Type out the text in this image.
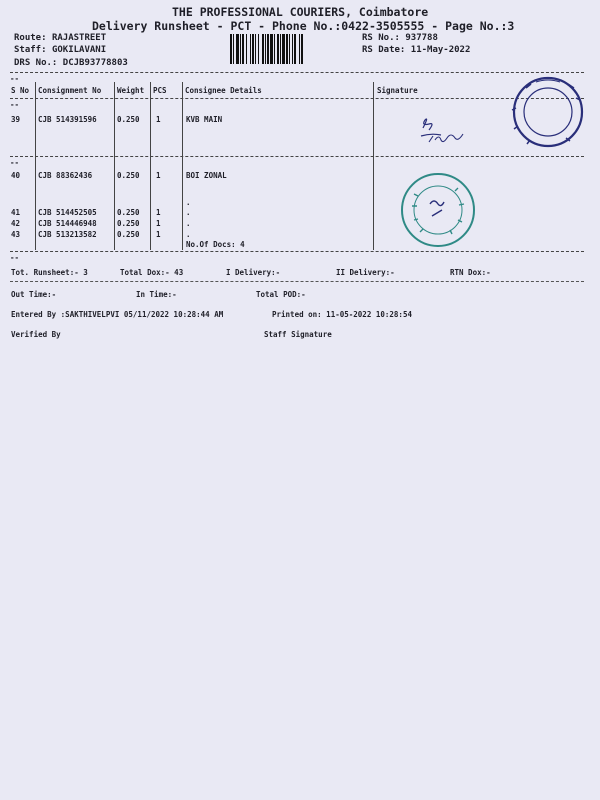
THE PROFESSIONAL COURIERS, Coimbatore
Delivery Runsheet - PCT - Phone No.:0422-3505555 - Page No.:3
Route: RAJASTREET
Staff: GOKILAVANI
DRS No.: DCJB93778803
RS No.: 937788
RS Date: 11-May-2022
--
S No Consignment No Weight PCS Consignee Details	Signature
--
39 CJB 514391596	0.250 1	KVB MAIN
--
40 CJB 88362436	0.250 1	BOI ZONAL
.
41 CJB 514452505	0.250 1	.
42 CJB 514446948	0.250 1	.
43 CJB 513213582	0.250 1	.
No.Of Docs: 4
--
Tot. Runsheet:- 3	Total Dox:- 43	I Delivery:-	II Delivery:-	RTN Dox:-
Out Time:-	In Time:-	Total POD:-
Entered By :SAKTHIVELPVI 05/11/2022 10:28:44 AM	Printed on: 11-05-2022 10:28:54
Verified By	Staff Signature
